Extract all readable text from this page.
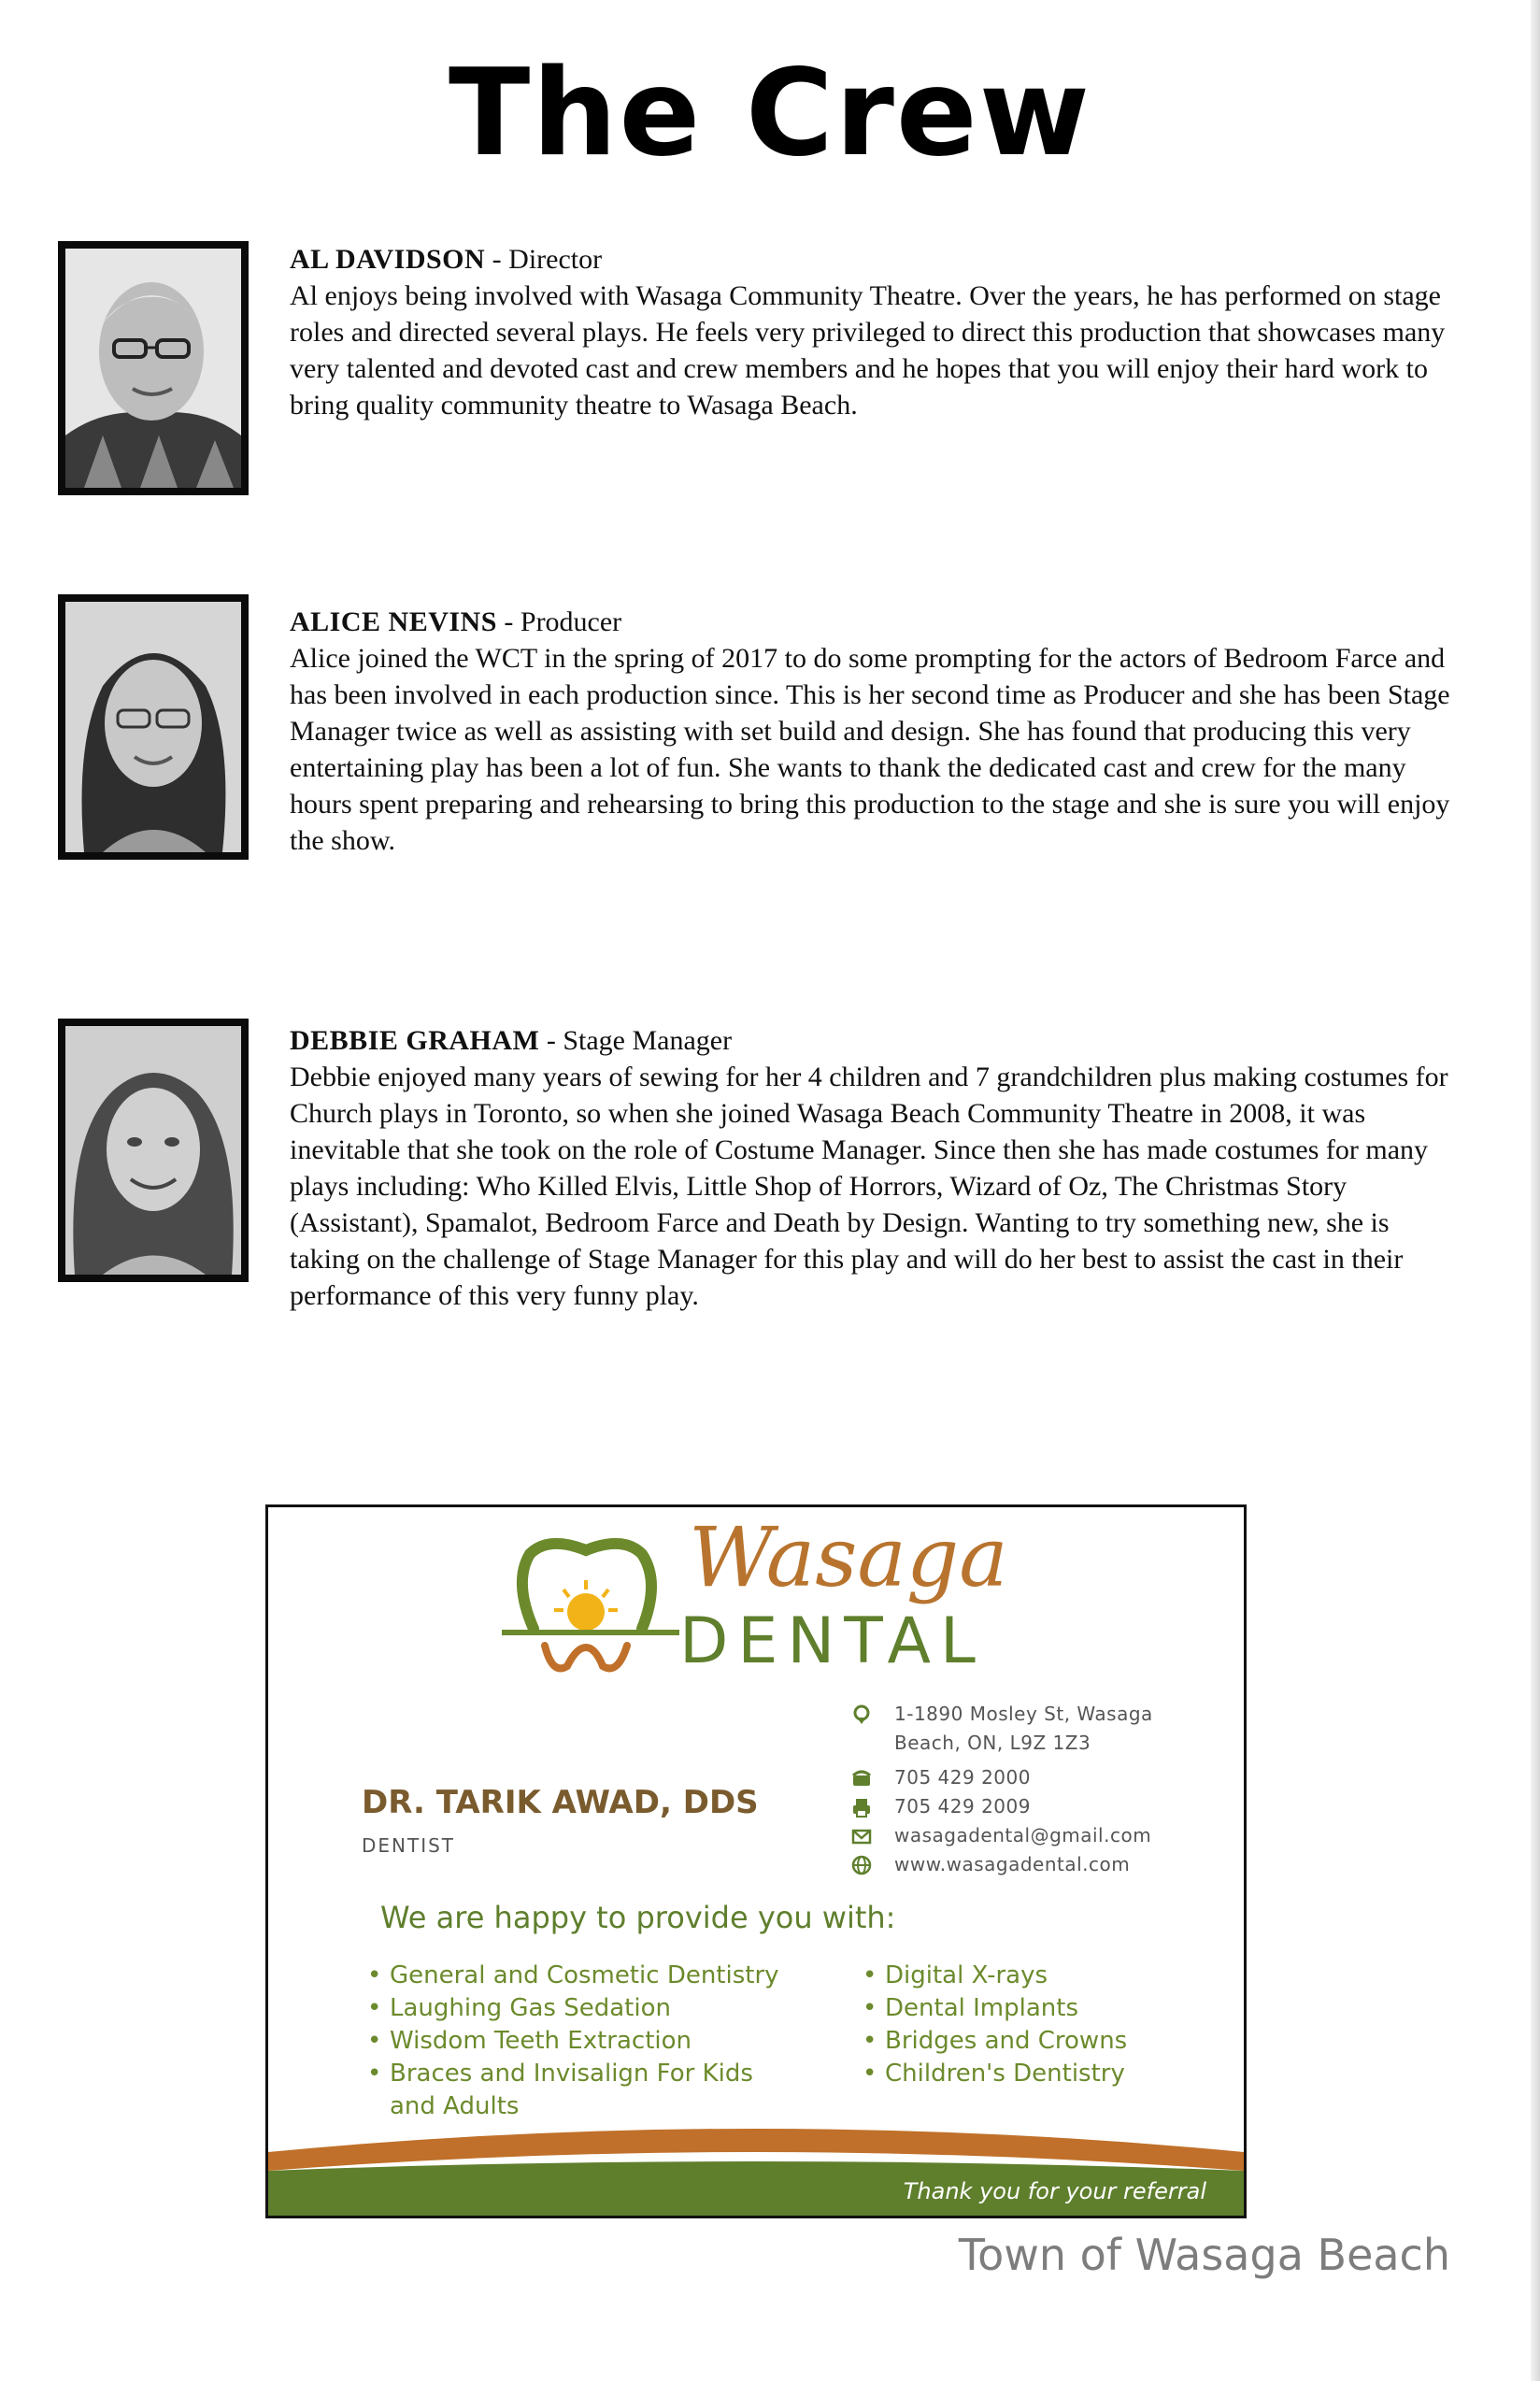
The Crew
AL DAVIDSON - Director
Al enjoys being involved with Wasaga Community Theatre. Over the years, he has performed on stage roles and directed several plays. He feels very privileged to direct this production that showcases many very talented and devoted cast and crew members and he hopes that you will enjoy their hard work to bring quality community theatre to Wasaga Beach.
ALICE NEVINS - Producer
Alice joined the WCT in the spring of 2017 to do some prompting for the actors of Bedroom Farce and has been involved in each production since. This is her second time as Producer and she has been Stage Manager twice as well as assisting with set build and design. She has found that producing this very entertaining play has been a lot of fun. She wants to thank the dedicated cast and crew for the many hours spent preparing and rehearsing to bring this production to the stage and she is sure you will enjoy the show.
DEBBIE GRAHAM - Stage Manager
Debbie enjoyed many years of sewing for her 4 children and 7 grandchildren plus making costumes for Church plays in Toronto, so when she joined Wasaga Beach Community Theatre in 2008, it was inevitable that she took on the role of Costume Manager. Since then she has made costumes for many plays including: Who Killed Elvis, Little Shop of Horrors, Wizard of Oz, The Christmas Story (Assistant), Spamalot, Bedroom Farce and Death by Design. Wanting to try something new, she is taking on the challenge of Stage Manager for this play and will do her best to assist the cast in their performance of this very funny play.
Wasaga
DENTAL
1-1890 Mosley St, Wasaga
Beach, ON, L9Z 1Z3
705 429 2000
705 429 2009
wasagadental@gmail.com
www.wasagadental.com
DR. TARIK AWAD, DDS
DENTIST
We are happy to provide you with:
• General and Cosmetic Dentistry
• Laughing Gas Sedation
• Wisdom Teeth Extraction
• Braces and Invisalign For Kids and Adults
• Digital X-rays
• Dental Implants
• Bridges and Crowns
• Children's Dentistry
Thank you for your referral
Town of Wasaga Beach
